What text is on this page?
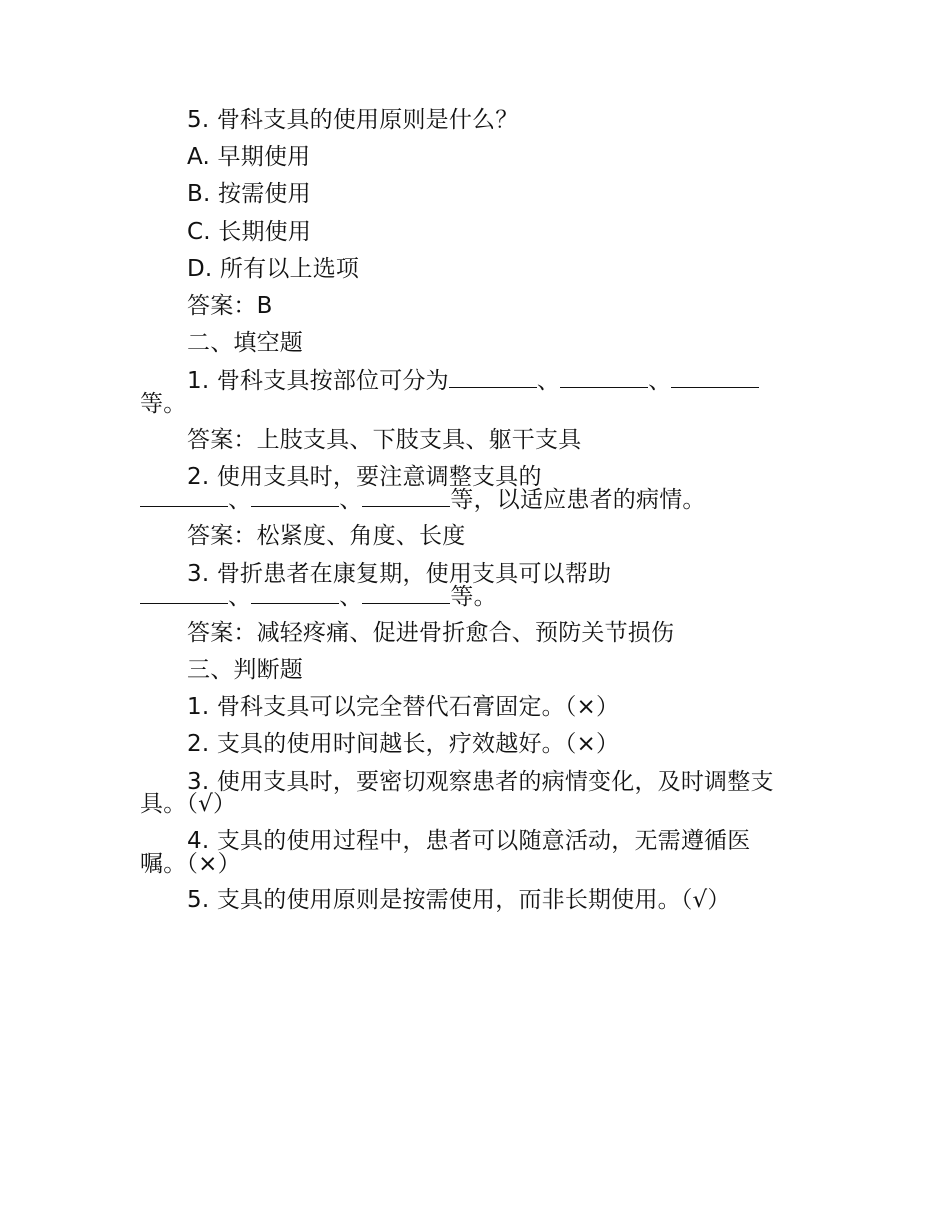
5. 骨科支具的使用原则是什么？
A. 早期使用
B. 按需使用
C. 长期使用
D. 所有以上选项
答案：B
二、填空题
1. 骨科支具按部位可分为	、	、
等。
答案：上肢支具、下肢支具、躯干支具
2. 使用支具时，要注意调整支具的
、	、	等，以适应患者的病情。
答案：松紧度、角度、长度
3. 骨折患者在康复期，使用支具可以帮助
、	、	等。
答案：减轻疼痛、促进骨折愈合、预防关节损伤
三、判断题
1. 骨科支具可以完全替代石膏固定。（×）
2. 支具的使用时间越长，疗效越好。（×）
3. 使用支具时，要密切观察患者的病情变化，及时调整支
具。（√）
4. 支具的使用过程中，患者可以随意活动，无需遵循医
嘱。（×）
5. 支具的使用原则是按需使用，而非长期使用。（√）
